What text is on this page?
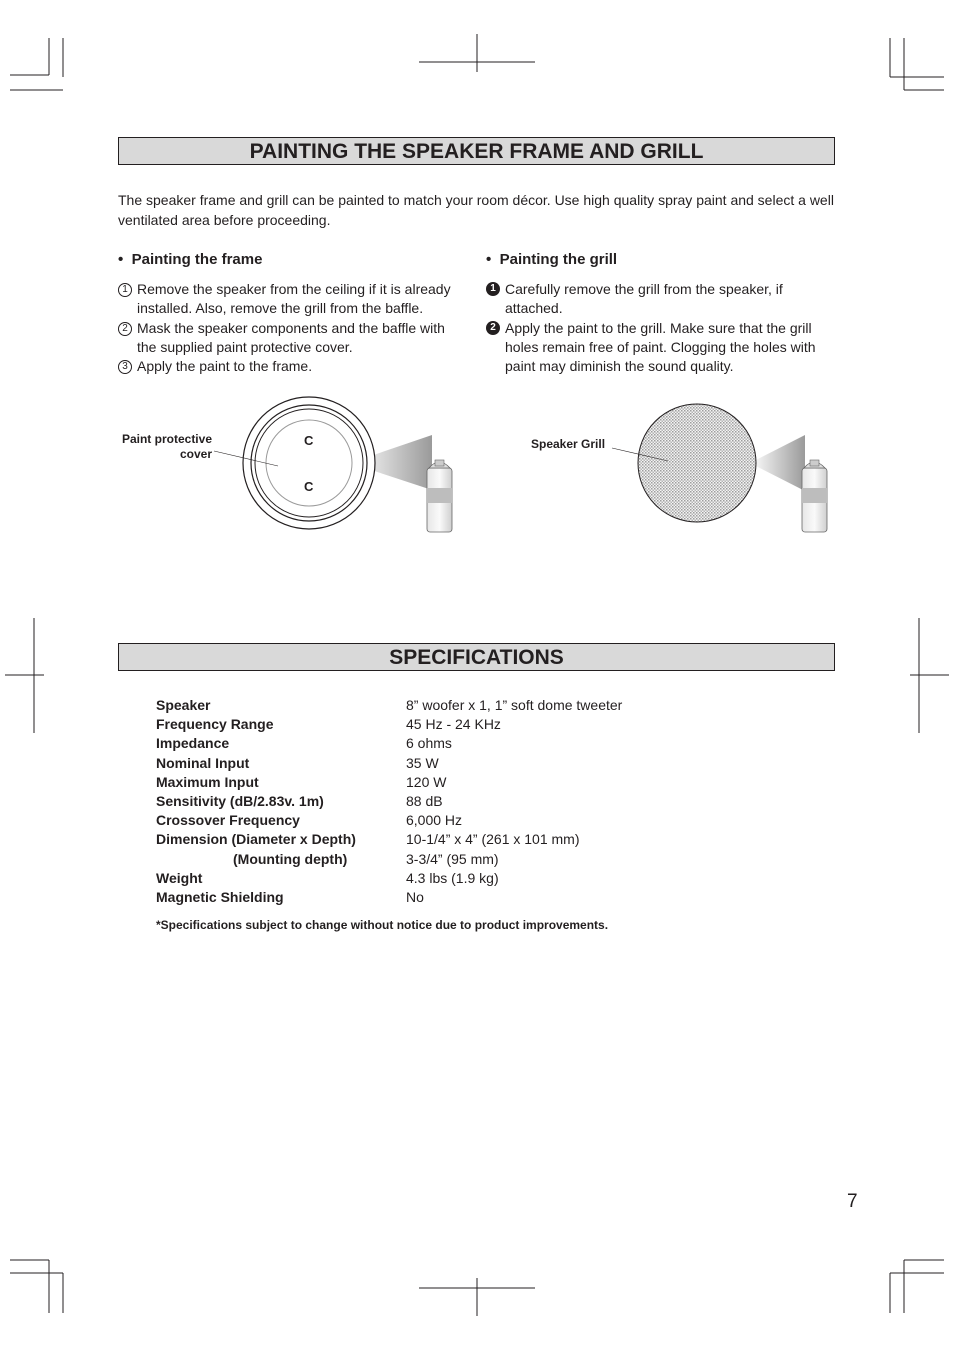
PAINTING THE SPEAKER FRAME AND GRILL
The speaker frame and grill can be painted to match your room décor. Use high quality spray paint and select a well ventilated area before proceeding.
•  Painting the frame
1 Remove the speaker from the ceiling if it is already installed. Also, remove the grill from the baffle.
2 Mask the speaker components and the baffle with the supplied paint protective cover.
3 Apply the paint to the frame.
•  Painting the grill
1 Carefully remove the grill from the speaker, if attached.
2 Apply the paint to the grill. Make sure that the grill holes remain free of paint. Clogging the holes with paint may diminish the sound quality.
Paint protective
cover
C
C
Speaker Grill
SPECIFICATIONS
Speaker	8” woofer x 1, 1” soft dome tweeter
Frequency Range	45 Hz - 24 KHz
Impedance	6 ohms
Nominal Input	35 W
Maximum Input	120 W
Sensitivity (dB/2.83v. 1m)	88 dB
Crossover Frequency	6,000 Hz
Dimension (Diameter x Depth)	10-1/4” x 4” (261 x 101 mm)
(Mounting depth)	3-3/4” (95 mm)
Weight	4.3 lbs (1.9 kg)
Magnetic Shielding	No
*Specifications subject to change without notice due to product improvements.
7
